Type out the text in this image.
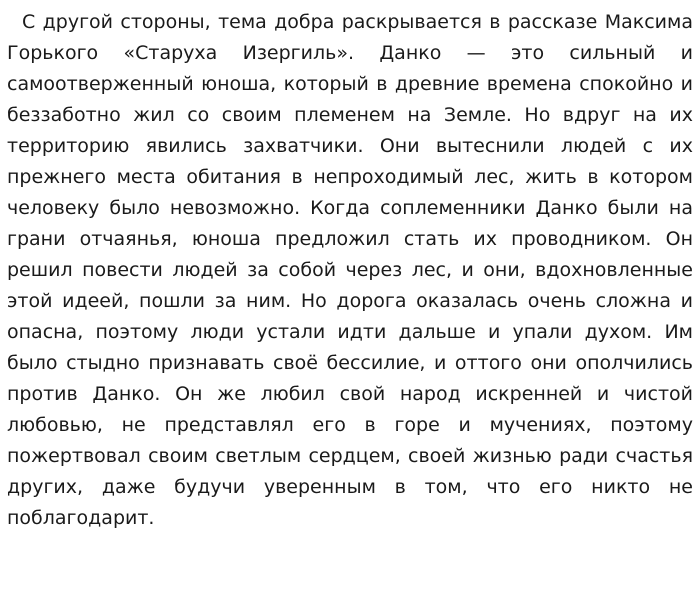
С другой стороны, тема добра раскрывается в рассказе Максима Горького «Старуха Изергиль». Данко — это сильный и самоотверженный юноша, который в древние времена спокойно и беззаботно жил со своим племенем на Земле. Но вдруг на их территорию явились захватчики. Они вытеснили людей с их прежнего места обитания в непроходимый лес, жить в котором человеку было невозможно. Когда соплеменники Данко были на грани отчаянья, юноша предложил стать их проводником. Он решил повести людей за собой через лес, и они, вдохновленные этой идеей, пошли за ним. Но дорога оказалась очень сложна и опасна, поэтому люди устали идти дальше и упали духом. Им было стыдно признавать своё бессилие, и оттого они ополчились против Данко. Он же любил свой народ искренней и чистой любовью, не представлял его в горе и мучениях, поэтому пожертвовал своим светлым сердцем, своей жизнью ради счастья других, даже будучи уверенным в том, что его никто не поблагодарит.
